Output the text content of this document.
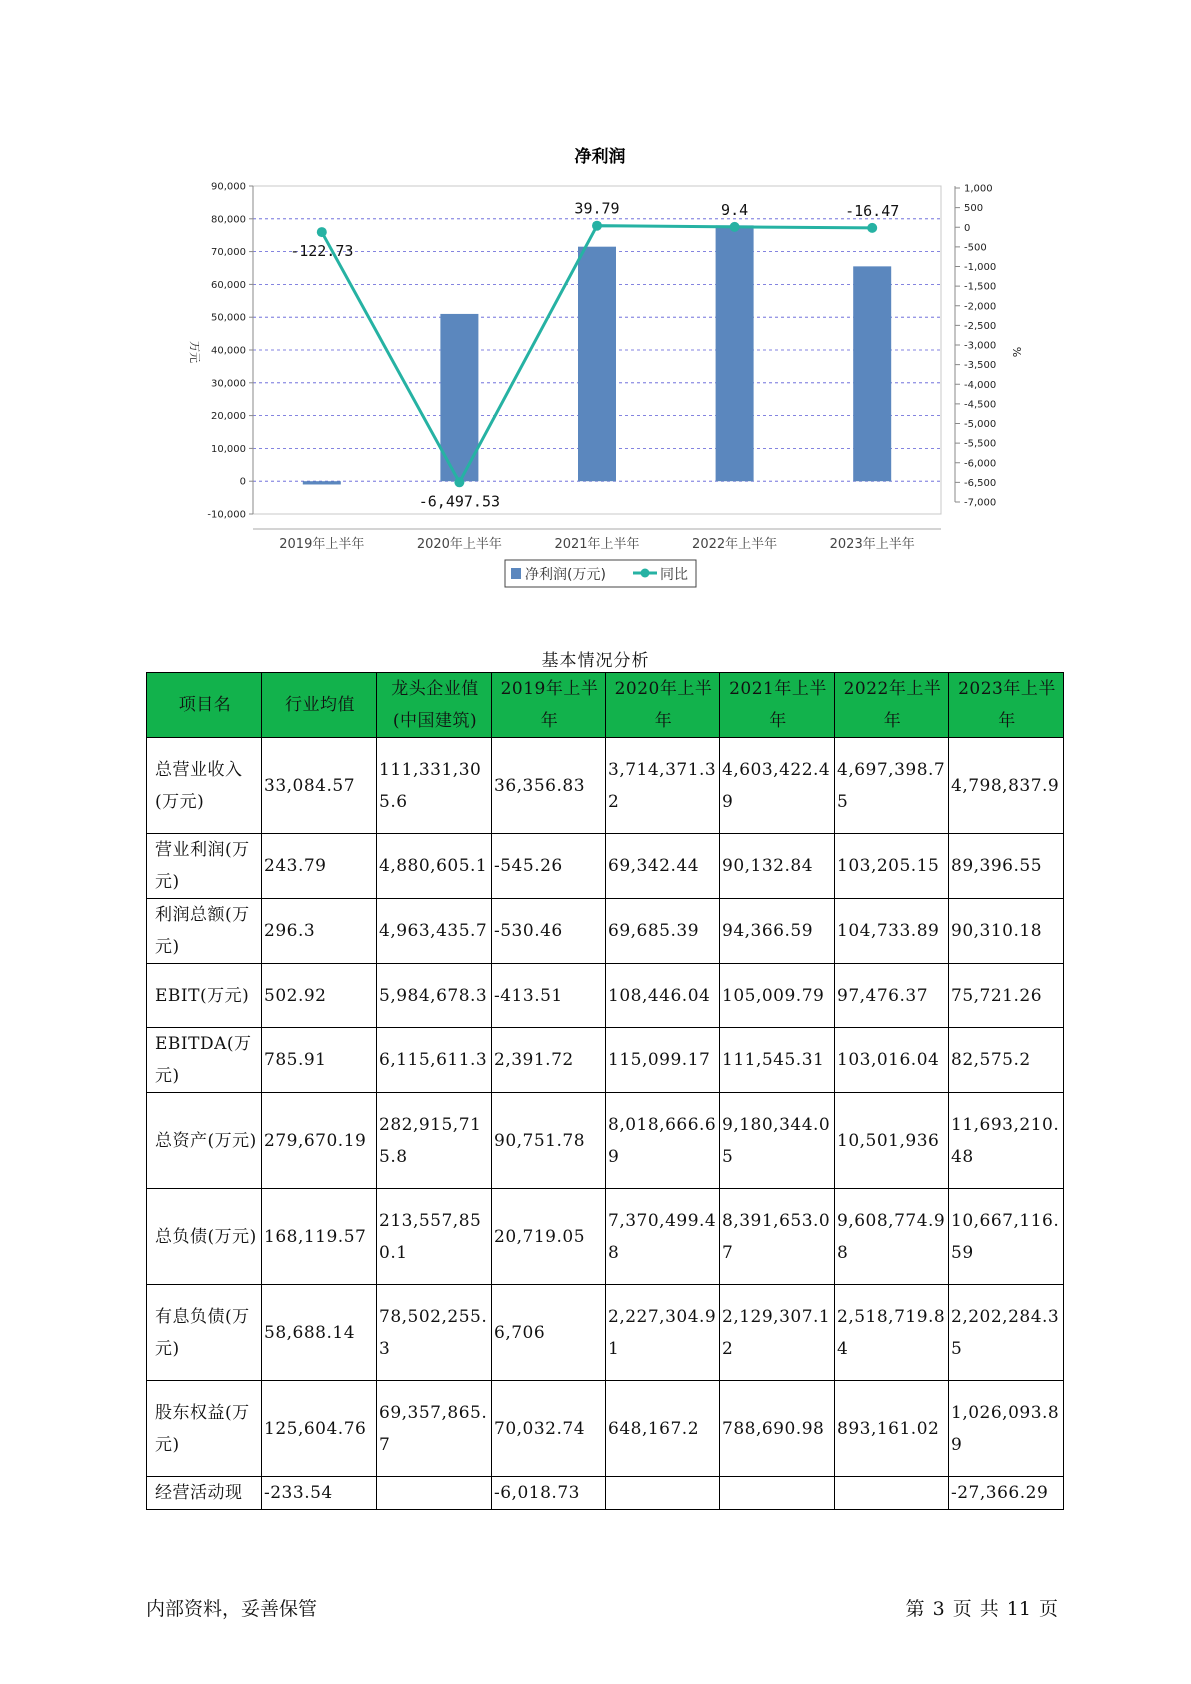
净利润
-10,000
0
10,000
20,000
30,000
40,000
50,000
60,000
70,000
80,000
90,000	1,000
500
0
-500
-1,000
-1,500
-2,000
-2,500
-3,000
-3,500
-4,000
-4,500
-5,000
-5,500
-6,000
-6,500
-7,000
万元	%
-122.73
-6,497.53
39.79	9.4	-16.47
2019年上半年	2020年上半年	2021年上半年	2022年上半年	2023年上半年
净利润(万元)	同比
基本情况分析
项目名	行业均值	龙头企业值(中国建筑)	2019年上半年	2020年上半年	2021年上半年	2022年上半年	2023年上半年
总营业收入(万元)	33,084.57	111,331,305.6	36,356.83	3,714,371.32	4,603,422.49	4,697,398.75	4,798,837.9
营业利润(万元)	243.79	4,880,605.1	-545.26	69,342.44	90,132.84	103,205.15	89,396.55
利润总额(万元)	296.3	4,963,435.7	-530.46	69,685.39	94,366.59	104,733.89	90,310.18
EBIT(万元)	502.92	5,984,678.3	-413.51	108,446.04	105,009.79	97,476.37	75,721.26
EBITDA(万元)	785.91	6,115,611.3	2,391.72	115,099.17	111,545.31	103,016.04	82,575.2
总资产(万元)	279,670.19	282,915,715.8	90,751.78	8,018,666.69	9,180,344.05	10,501,936	11,693,210.48
总负债(万元)	168,119.57	213,557,850.1	20,719.05	7,370,499.48	8,391,653.07	9,608,774.98	10,667,116.59
有息负债(万元)	58,688.14	78,502,255.3	6,706	2,227,304.91	2,129,307.12	2,518,719.84	2,202,284.35
股东权益(万元)	125,604.76	69,357,865.7	70,032.74	648,167.2	788,690.98	893,161.02	1,026,093.89
经营活动现	-233.54		-6,018.73				-27,366.29
内部资料，妥善保管	第 3 页 共 11 页
